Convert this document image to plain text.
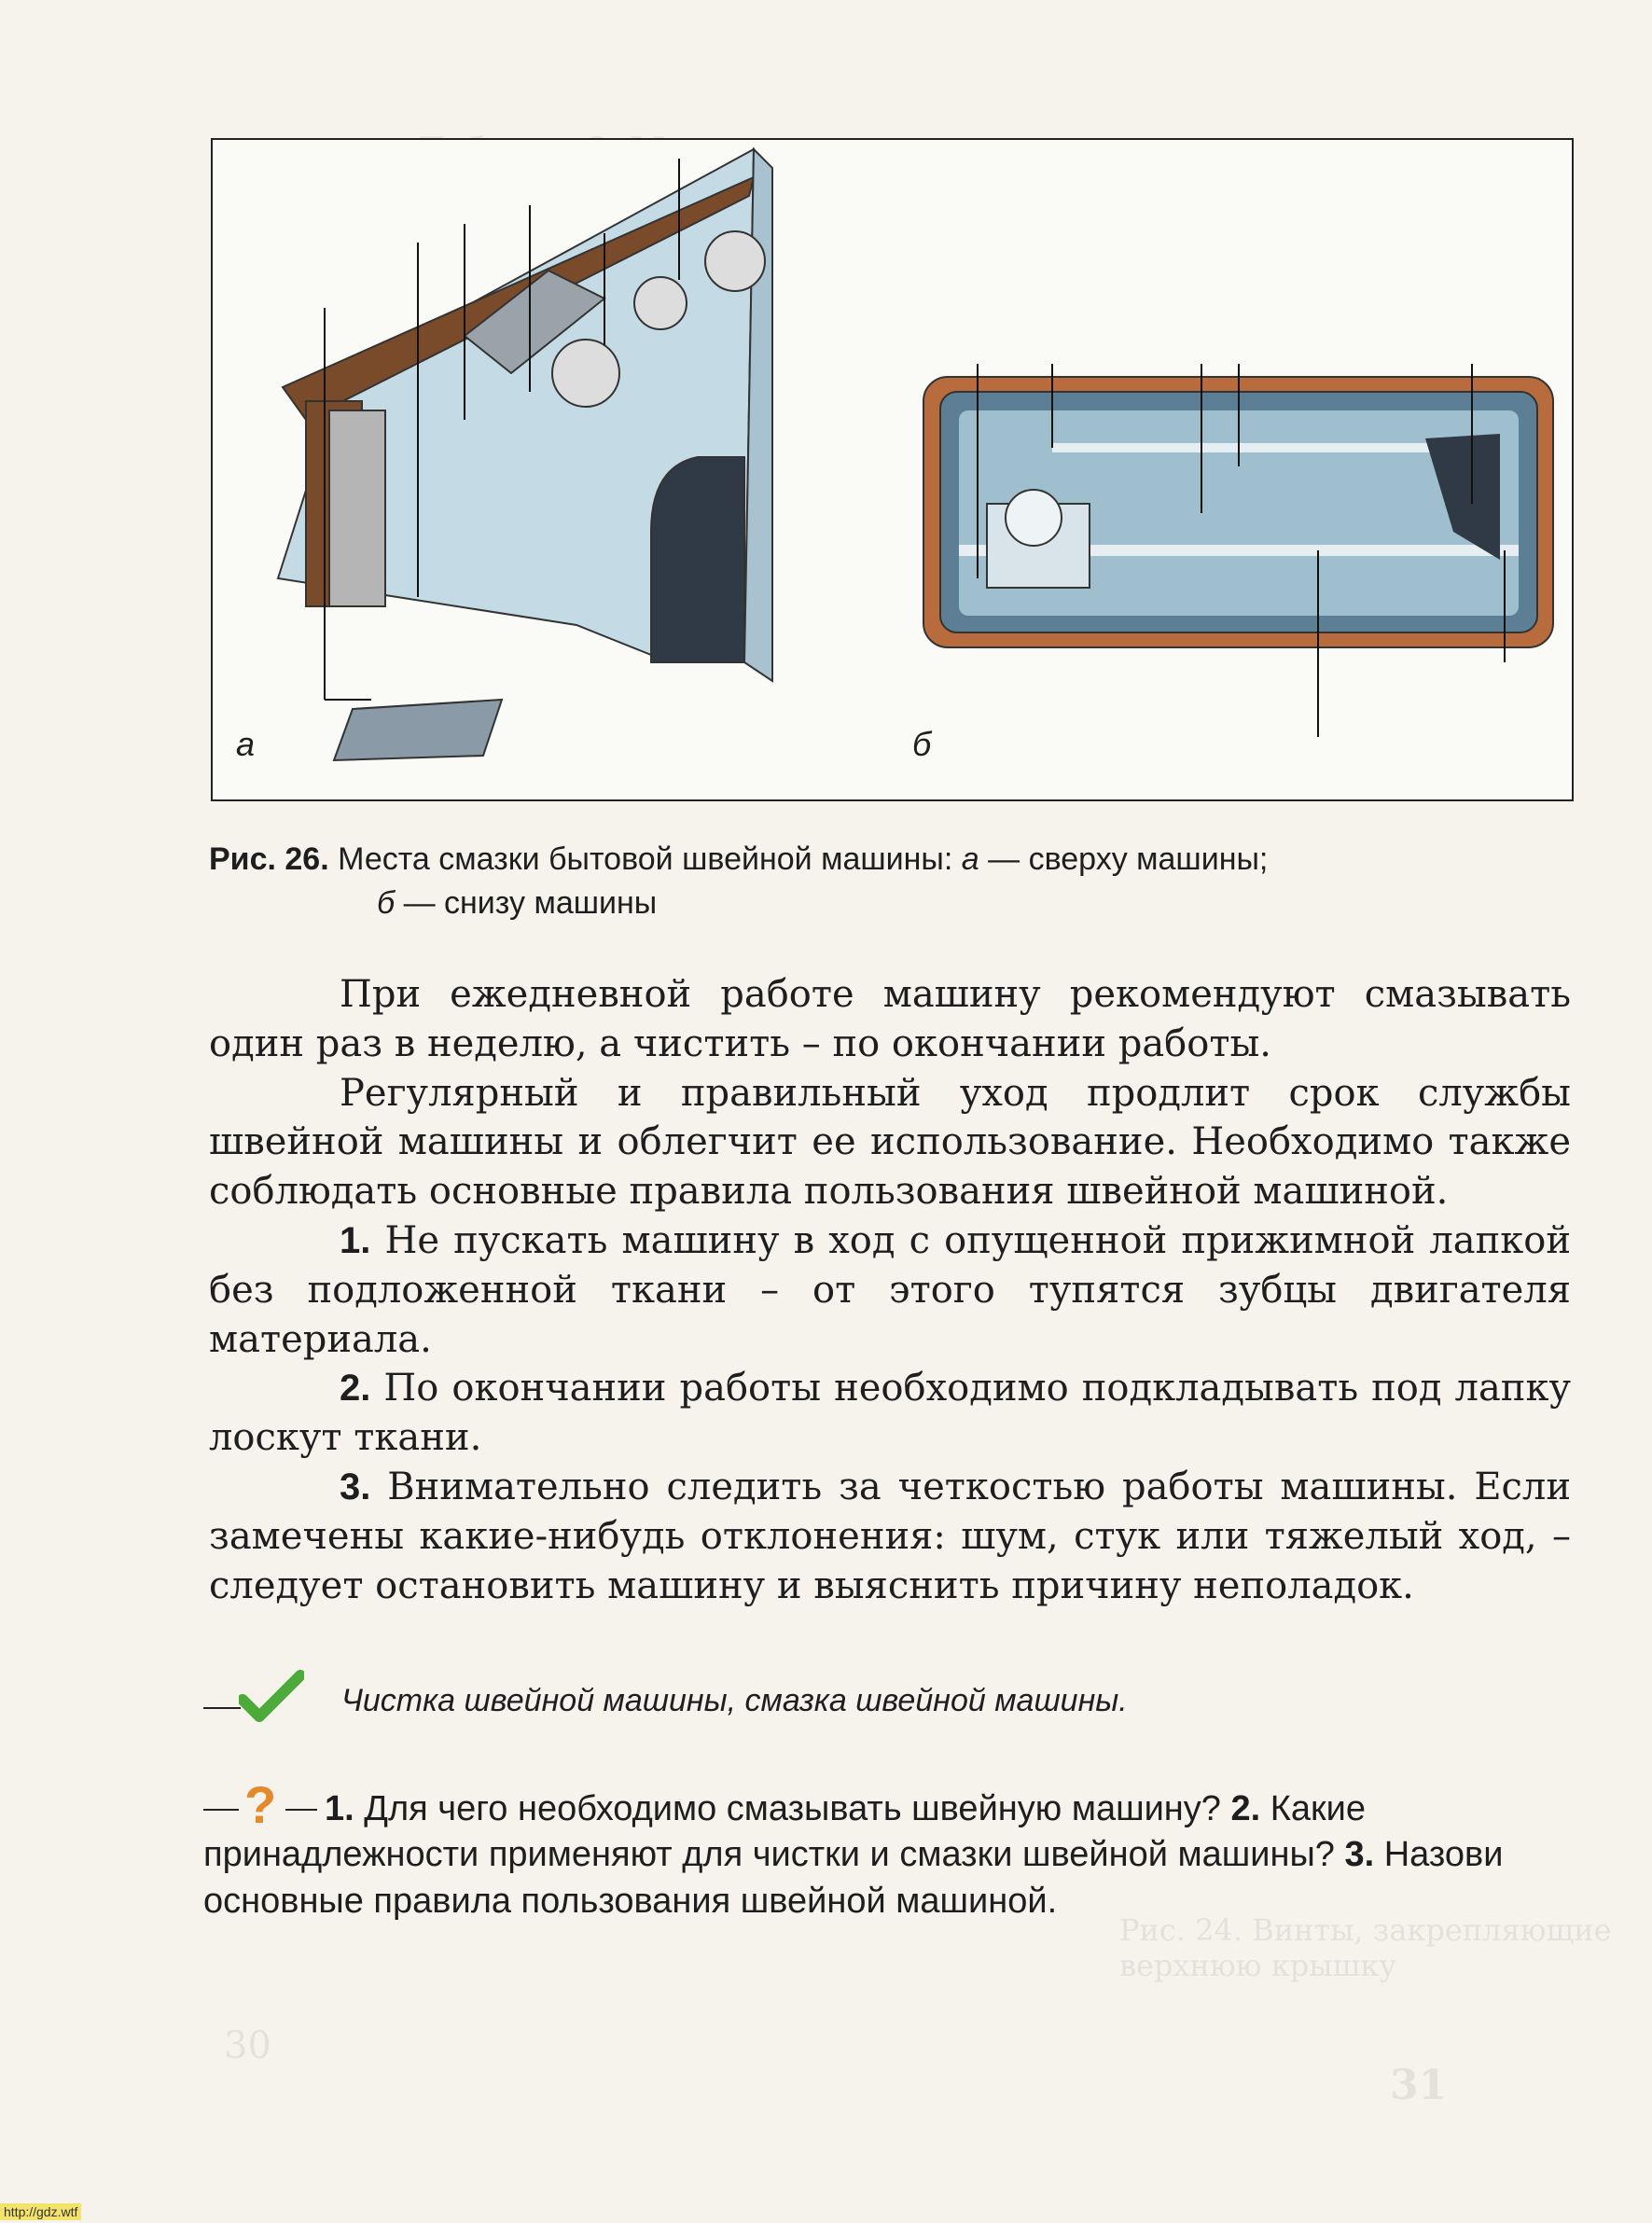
Рис. 24. Винты, закрепляющие верхнюю крышку
31
30
а	б
Рис. 26. Места смазки бытовой швейной машины: а — сверху машины;
б — снизу машины

При ежедневной работе машину рекомендуют смазывать один раз в неделю, а чистить – по окончании работы.

Регулярный и правильный уход продлит срок службы швейной машины и облегчит ее использование. Необходимо также соблюдать основные правила пользования швейной машиной.

1. Не пускать машину в ход с опущенной прижимной лапкой без подложенной ткани – от этого тупятся зубцы двигателя материала.

2. По окончании работы необходимо подкладывать под лапку лоскут ткани.

3. Внимательно следить за четкостью работы машины. Если замечены какие-нибудь отклонения: шум, стук или тяжелый ход, – следует остановить машину и выяснить причину неполадок.

Чистка швейной машины, смазка швейной машины.
? 1. Для чего необходимо смазывать швейную машину? 2. Какие принадлежности применяют для чистки и смазки швейной машины? 3. Назови основные правила пользования швейной машиной.
http://gdz.wtf
